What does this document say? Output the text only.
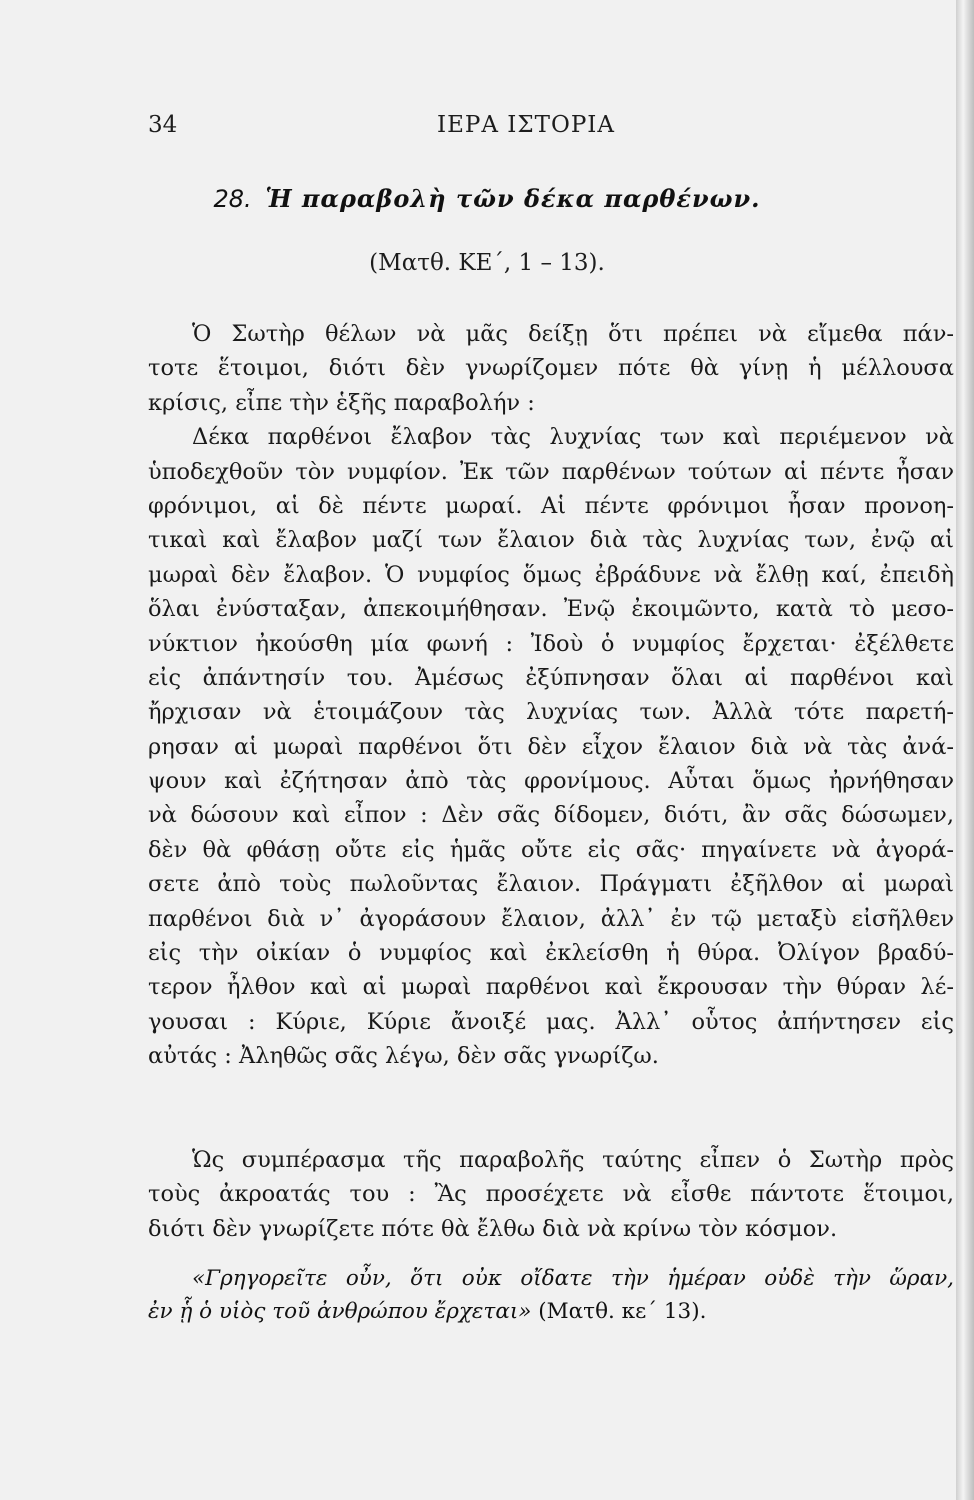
34	ΙΕΡΑ ΙΣΤΟΡΙΑ
28. Ἡ παραβολὴ τῶν δέκα παρθένων.
(Ματθ. ΚΕ΄, 1 – 13).
Ὁ Σωτὴρ θέλων νὰ μᾶς δείξῃ ὅτι πρέπει νὰ εἴμεθα πάν-
τοτε ἕτοιμοι, διότι δὲν γνωρίζομεν πότε θὰ γίνῃ ἡ μέλλουσα
κρίσις, εἶπε τὴν ἑξῆς παραβολήν :
Δέκα παρθένοι ἔλαβον τὰς λυχνίας των καὶ περιέμενον νὰ
ὑποδεχθοῦν τὸν νυμφίον. Ἐκ τῶν παρθένων τούτων αἱ πέντε ἦσαν
φρόνιμοι, αἱ δὲ πέντε μωραί. Αἱ πέντε φρόνιμοι ἦσαν προνοη-
τικαὶ καὶ ἔλαβον μαζί των ἔλαιον διὰ τὰς λυχνίας των, ἐνῷ αἱ
μωραὶ δὲν ἔλαβον. Ὁ νυμφίος ὅμως ἐβράδυνε νὰ ἔλθῃ καί, ἐπειδὴ
ὅλαι ἐνύσταξαν, ἀπεκοιμήθησαν. Ἐνῷ ἐκοιμῶντο, κατὰ τὸ μεσο-
νύκτιον ἠκούσθη μία φωνή : Ἰδοὺ ὁ νυμφίος ἔρχεται· ἐξέλθετε
εἰς ἀπάντησίν του. Ἀμέσως ἐξύπνησαν ὅλαι αἱ παρθένοι καὶ
ἤρχισαν νὰ ἑτοιμάζουν τὰς λυχνίας των. Ἀλλὰ τότε παρετή-
ρησαν αἱ μωραὶ παρθένοι ὅτι δὲν εἶχον ἔλαιον διὰ νὰ τὰς ἀνά-
ψουν καὶ ἐζήτησαν ἀπὸ τὰς φρονίμους. Αὗται ὅμως ἠρνήθησαν
νὰ δώσουν καὶ εἶπον : Δὲν σᾶς δίδομεν, διότι, ἂν σᾶς δώσωμεν,
δὲν θὰ φθάσῃ οὔτε εἰς ἡμᾶς οὔτε εἰς σᾶς· πηγαίνετε νὰ ἀγορά-
σετε ἀπὸ τοὺς πωλοῦντας ἔλαιον. Πράγματι ἐξῆλθον αἱ μωραὶ
παρθένοι διὰ ν᾽ ἀγοράσουν ἔλαιον, ἀλλ᾽ ἐν τῷ μεταξὺ εἰσῆλθεν
εἰς τὴν οἰκίαν ὁ νυμφίος καὶ ἐκλείσθη ἡ θύρα. Ὀλίγον βραδύ-
τερον ἦλθον καὶ αἱ μωραὶ παρθένοι καὶ ἔκρουσαν τὴν θύραν λέ-
γουσαι : Κύριε, Κύριε ἄνοιξέ μας. Ἀλλ᾽ οὗτος ἀπήντησεν εἰς
αὐτάς : Ἀληθῶς σᾶς λέγω, δὲν σᾶς γνωρίζω.
Ὡς συμπέρασμα τῆς παραβολῆς ταύτης εἶπεν ὁ Σωτὴρ πρὸς
τοὺς ἀκροατάς του : Ἂς προσέχετε νὰ εἶσθε πάντοτε ἕτοιμοι,
διότι δὲν γνωρίζετε πότε θὰ ἔλθω διὰ νὰ κρίνω τὸν κόσμον.
«Γρηγορεῖτε οὖν, ὅτι οὐκ οἴδατε τὴν ἡμέραν οὐδὲ τὴν ὥραν,
ἐν ᾗ ὁ υἱὸς τοῦ ἀνθρώπου ἔρχεται» (Ματθ. κε΄ 13).
